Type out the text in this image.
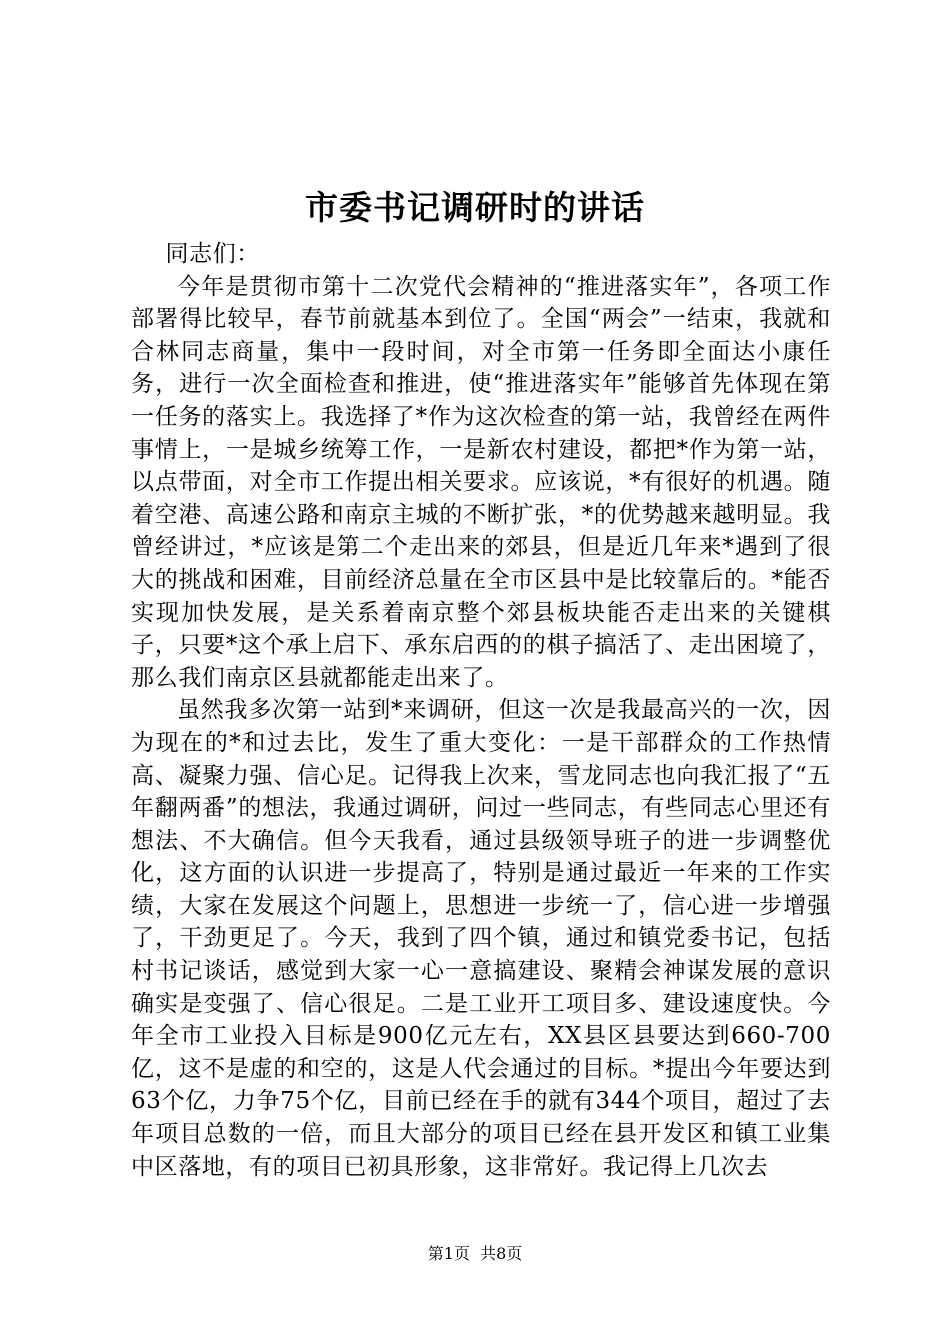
市委书记调研时的讲话

同志们：

今年是贯彻市第十二次党代会精神的“推进落实年”，各项工作部署得比较早，春节前就基本到位了。全国“两会”一结束，我就和合林同志商量，集中一段时间，对全市第一任务即全面达小康任务，进行一次全面检查和推进，使“推进落实年”能够首先体现在第一任务的落实上。我选择了*作为这次检查的第一站，我曾经在两件事情上，一是城乡统筹工作，一是新农村建设，都把*作为第一站，以点带面，对全市工作提出相关要求。应该说，*有很好的机遇。随着空港、高速公路和南京主城的不断扩张，*的优势越来越明显。我曾经讲过，*应该是第二个走出来的郊县，但是近几年来*遇到了很大的挑战和困难，目前经济总量在全市区县中是比较靠后的。*能否实现加快发展，是关系着南京整个郊县板块能否走出来的关键棋子，只要*这个承上启下、承东启西的的棋子搞活了、走出困境了，那么我们南京区县就都能走出来了。

虽然我多次第一站到*来调研，但这一次是我最高兴的一次，因为现在的*和过去比，发生了重大变化：一是干部群众的工作热情高、凝聚力强、信心足。记得我上次来，雪龙同志也向我汇报了“五年翻两番”的想法，我通过调研，问过一些同志，有些同志心里还有想法、不大确信。但今天我看，通过县级领导班子的进一步调整优化，这方面的认识进一步提高了，特别是通过最近一年来的工作实绩，大家在发展这个问题上，思想进一步统一了，信心进一步增强了，干劲更足了。今天，我到了四个镇，通过和镇党委书记，包括村书记谈话，感觉到大家一心一意搞建设、聚精会神谋发展的意识确实是变强了、信心很足。二是工业开工项目多、建设速度快。今年全市工业投入目标是900亿元左右，XX县区县要达到660-700亿，这不是虚的和空的，这是人代会通过的目标。*提出今年要达到63个亿，力争75个亿，目前已经在手的就有344个项目，超过了去年项目总数的一倍，而且大部分的项目已经在县开发区和镇工业集中区落地，有的项目已初具形象，这非常好。我记得上几次去

第1页 共8页
